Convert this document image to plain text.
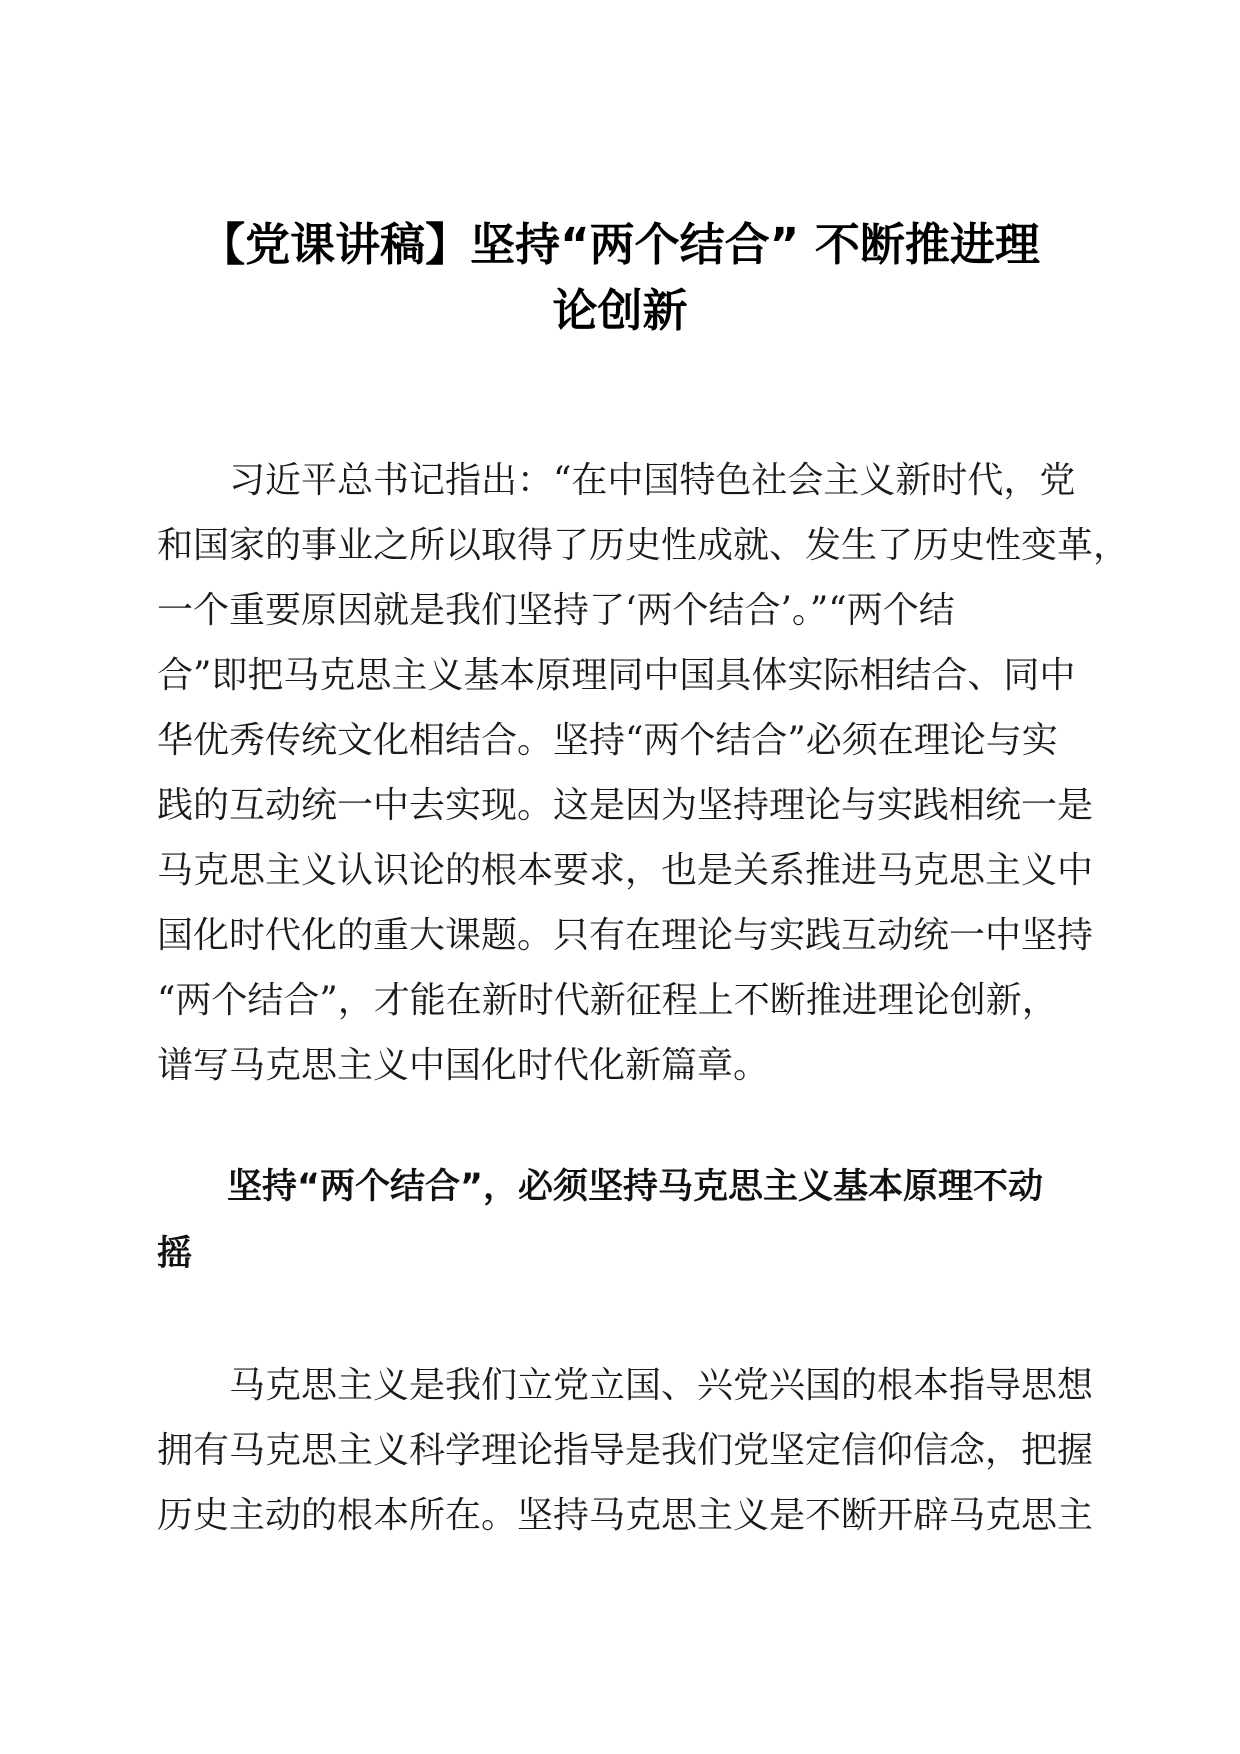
【党课讲稿】坚持“两个结合” 不断推进理
论创新
习近平总书记指出：“在中国特色社会主义新时代，党
和国家的事业之所以取得了历史性成就、发生了历史性变革，
一个重要原因就是我们坚持了‘两个结合’。”“两个结
合”即把马克思主义基本原理同中国具体实际相结合、同中
华优秀传统文化相结合。坚持“两个结合”必须在理论与实
践的互动统一中去实现。这是因为坚持理论与实践相统一是
马克思主义认识论的根本要求，也是关系推进马克思主义中
国化时代化的重大课题。只有在理论与实践互动统一中坚持
“两个结合”，才能在新时代新征程上不断推进理论创新，
谱写马克思主义中国化时代化新篇章。
坚持“两个结合”，必须坚持马克思主义基本原理不动
摇
马克思主义是我们立党立国、兴党兴国的根本指导思想
拥有马克思主义科学理论指导是我们党坚定信仰信念，把握
历史主动的根本所在。坚持马克思主义是不断开辟马克思主
